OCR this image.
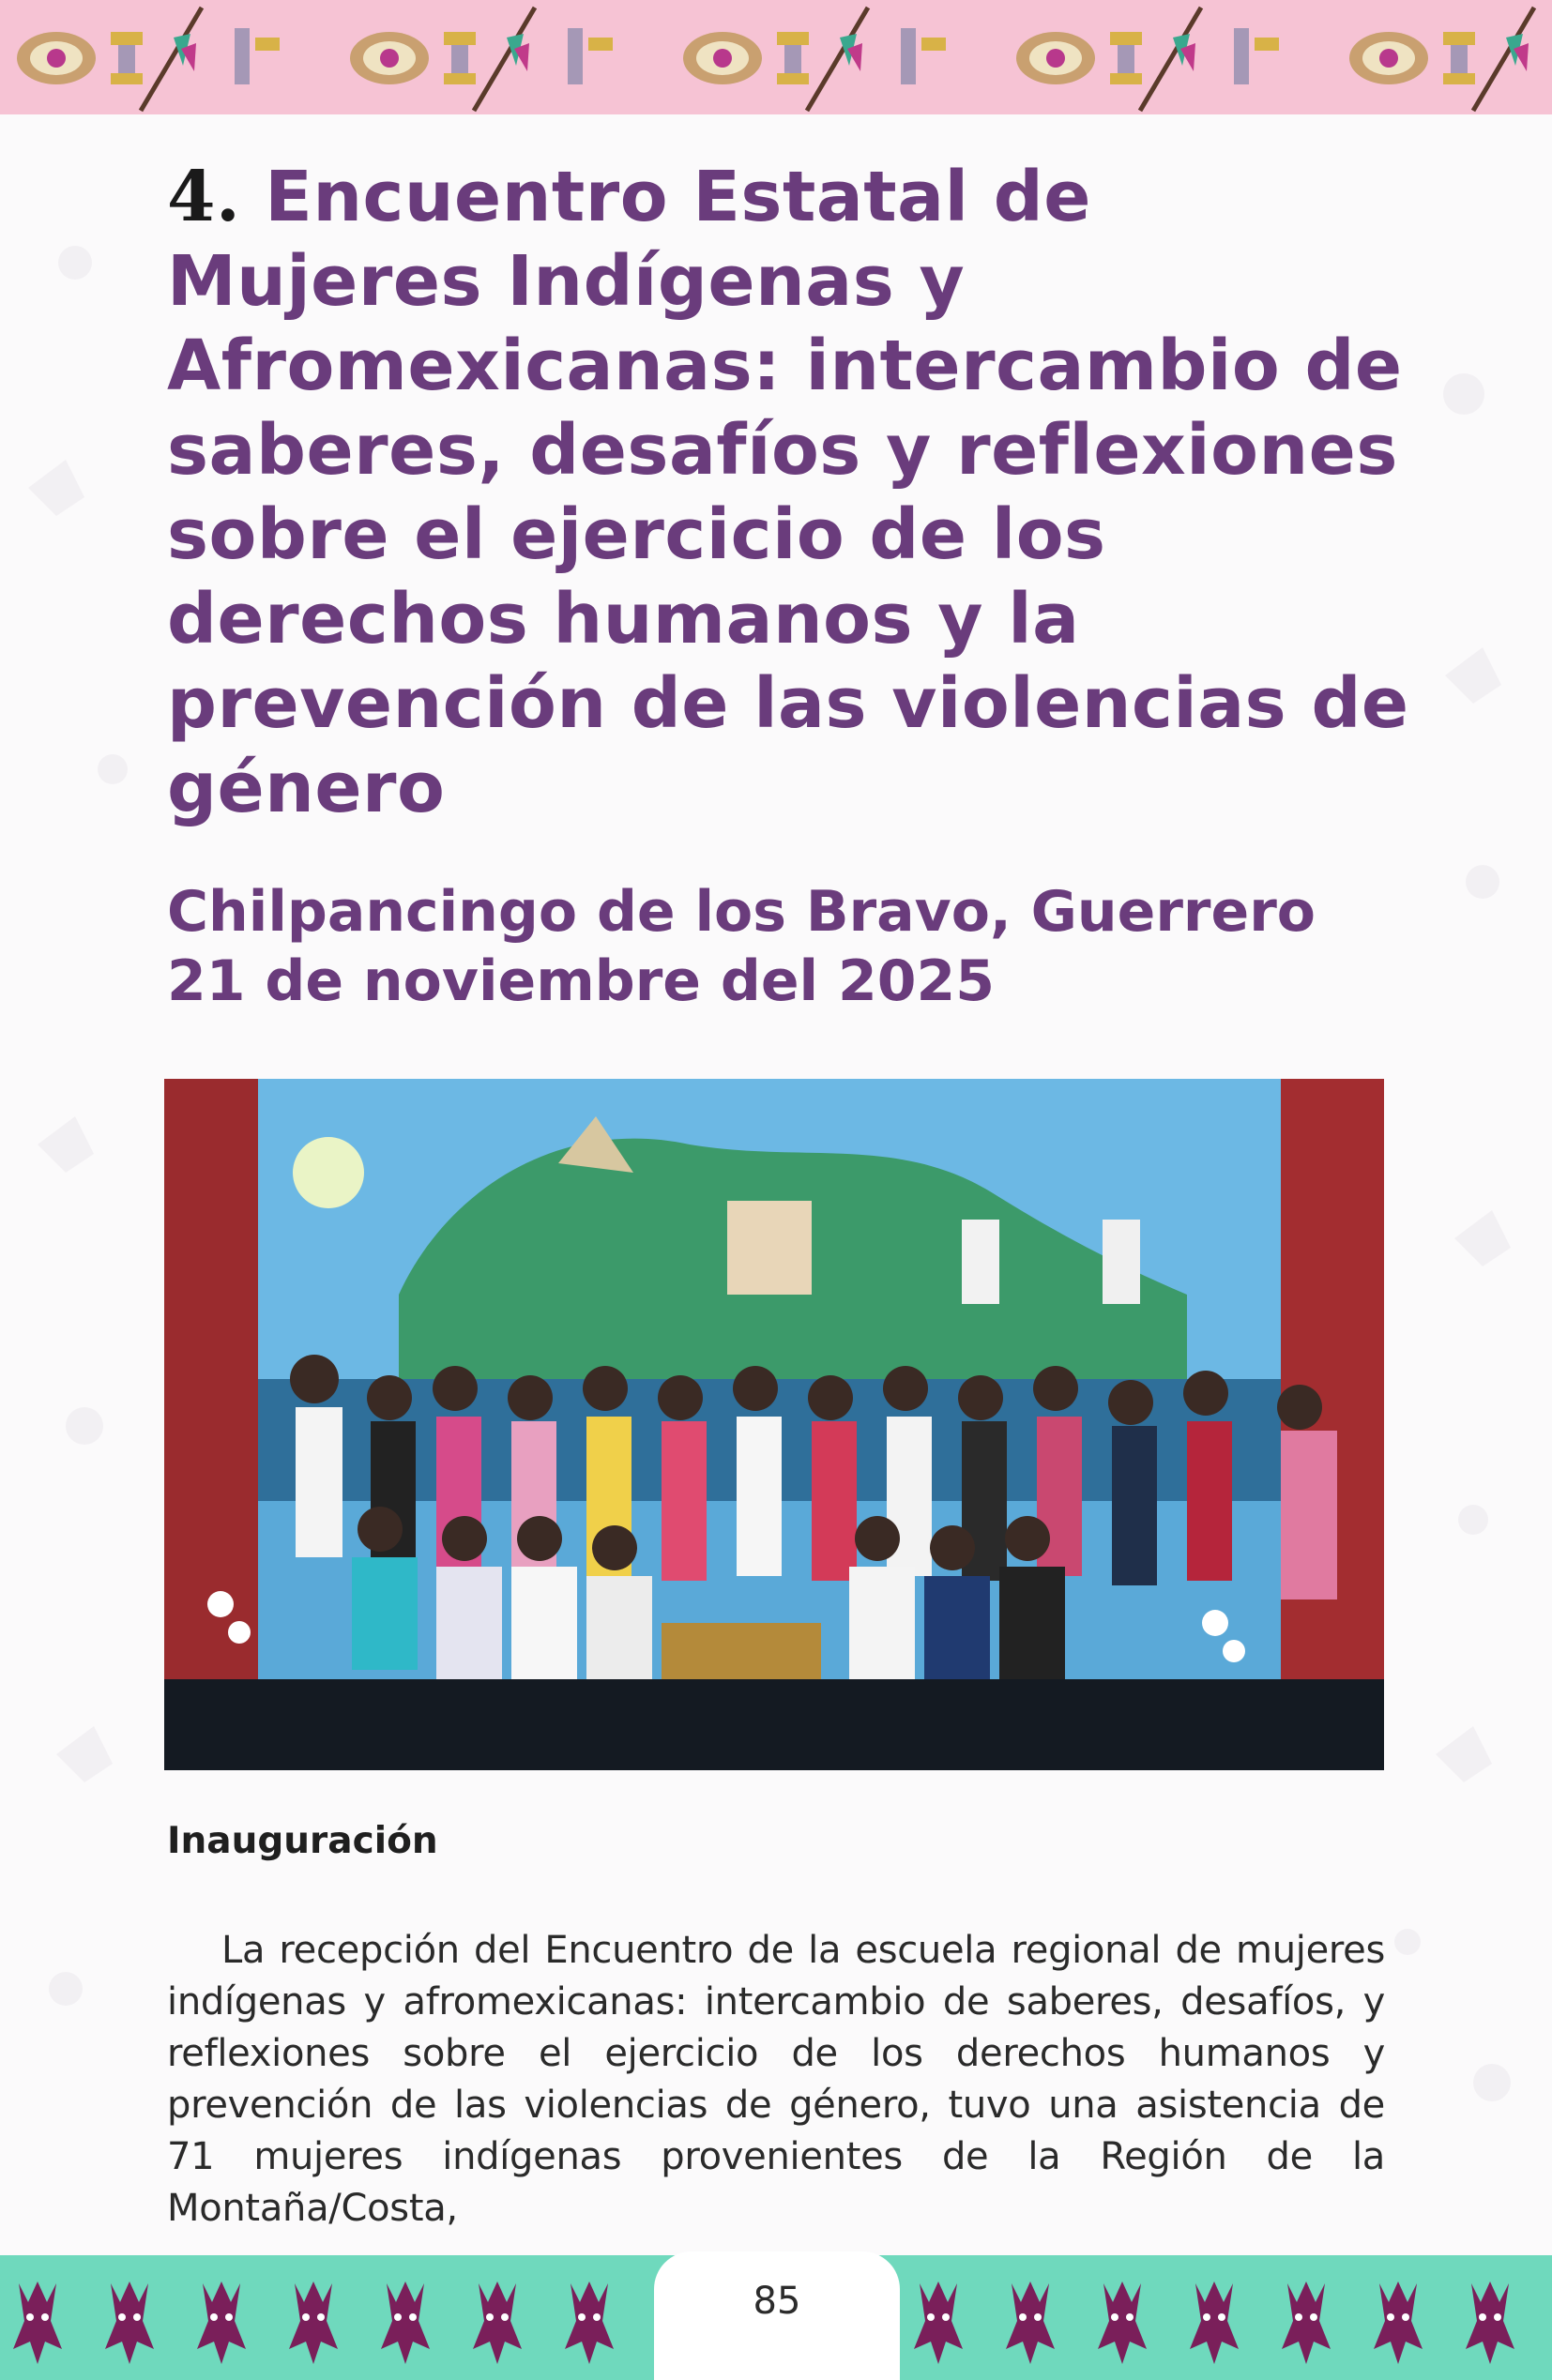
4. Encuentro Estatal de Mujeres Indígenas y Afromexicanas: intercambio de saberes, desafíos y reflexiones sobre el ejercicio de los derechos humanos y la prevención de las violencias de género
Chilpancingo de los Bravo, Guerrero
21 de noviembre del 2025
Inauguración
La recepción del Encuentro de la escuela regional de mujeres indígenas y afromexicanas: intercambio de saberes, desafíos, y reflexiones sobre el ejercicio de los derechos humanos y prevención de las violencias de género, tuvo una asistencia de 71 mujeres indígenas provenientes de la Región de la Montaña/Costa,
85
